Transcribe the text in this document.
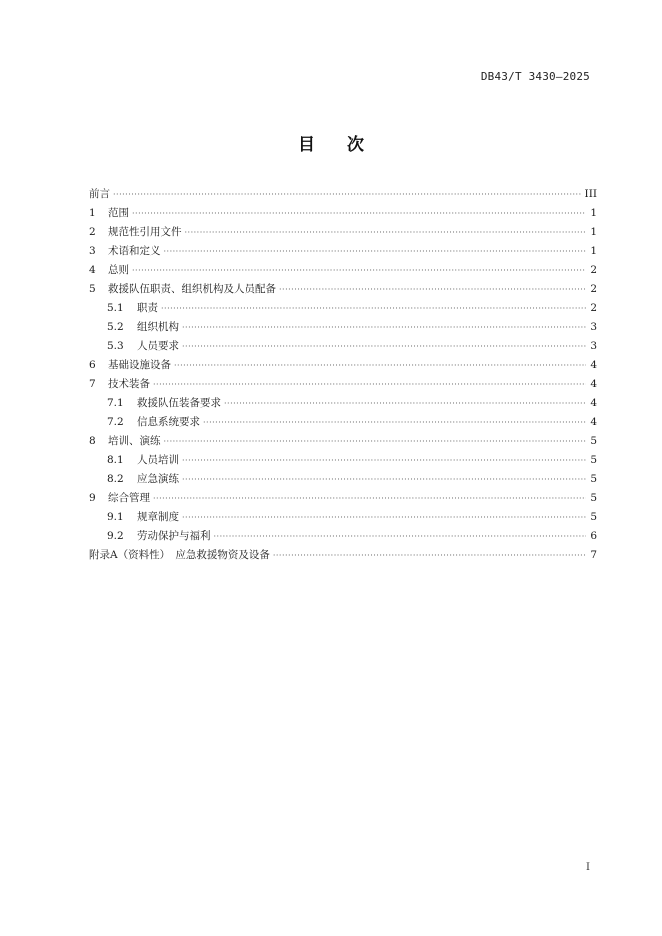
DB43/T 3430—2025
目 次
前言 ·····	III
1	范围 ·····	1
2	规范性引用文件 ·····	1
3	术语和定义 ·····	1
4	总则 ·····	2
5	救援队伍职责、组织机构及人员配备 ·····	2
5.1	职责 ·····	2
5.2	组织机构 ·····	3
5.3	人员要求 ·····	3
6	基础设施设备 ·····	4
7	技术装备 ·····	4
7.1	救援队伍装备要求 ·····	4
7.2	信息系统要求 ·····	4
8	培训、演练 ·····	5
8.1	人员培训 ·····	5
8.2	应急演练 ·····	5
9	综合管理 ·····	5
9.1	规章制度 ·····	5
9.2	劳动保护与福利 ·····	6
附录A（资料性）　应急救援物资及设备 ·····	7
I
